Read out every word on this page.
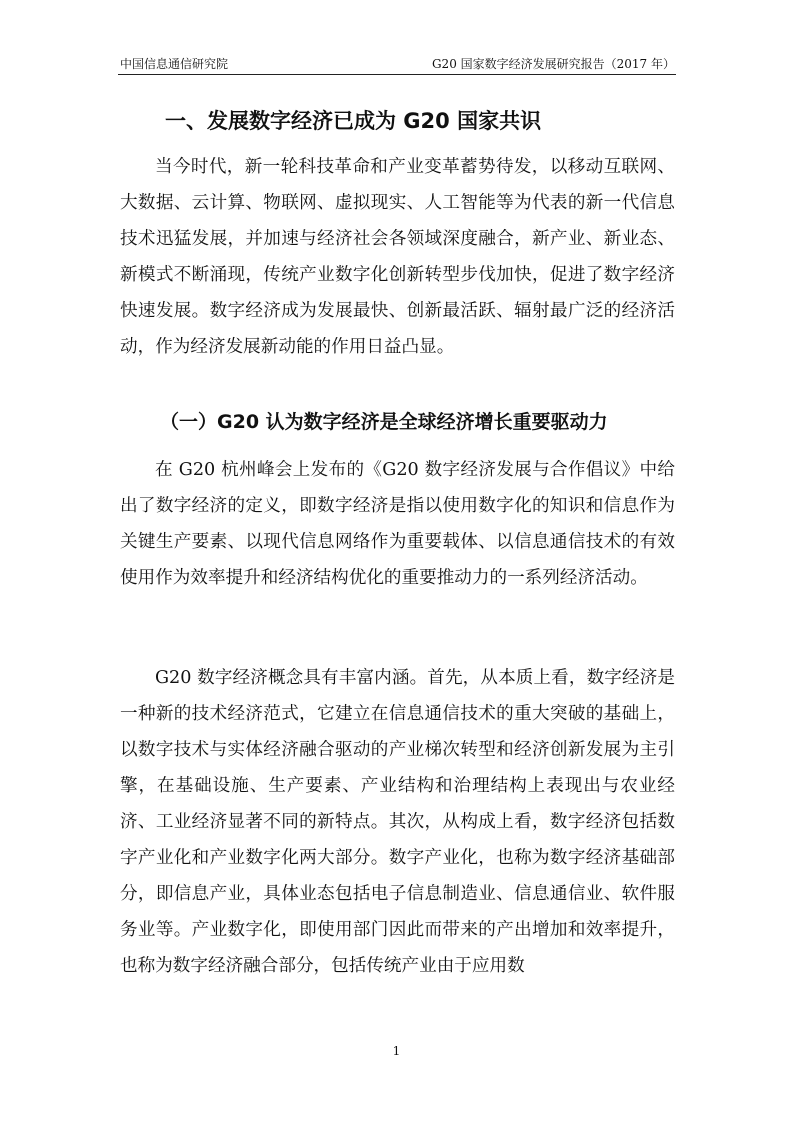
中国信息通信研究院	G20 国家数字经济发展研究报告（2017 年）
一、发展数字经济已成为 G20 国家共识

当今时代，新一轮科技革命和产业变革蓄势待发，以移动互联网、大数据、云计算、物联网、虚拟现实、人工智能等为代表的新一代信息技术迅猛发展，并加速与经济社会各领域深度融合，新产业、新业态、新模式不断涌现，传统产业数字化创新转型步伐加快，促进了数字经济快速发展。数字经济成为发展最快、创新最活跃、辐射最广泛的经济活动，作为经济发展新动能的作用日益凸显。

（一）G20 认为数字经济是全球经济增长重要驱动力

在 G20 杭州峰会上发布的《G20 数字经济发展与合作倡议》中给出了数字经济的定义，即数字经济是指以使用数字化的知识和信息作为关键生产要素、以现代信息网络作为重要载体、以信息通信技术的有效使用作为效率提升和经济结构优化的重要推动力的一系列经济活动。

G20 数字经济概念具有丰富内涵。首先，从本质上看，数字经济是一种新的技术经济范式，它建立在信息通信技术的重大突破的基础上，以数字技术与实体经济融合驱动的产业梯次转型和经济创新发展为主引擎，在基础设施、生产要素、产业结构和治理结构上表现出与农业经济、工业经济显著不同的新特点。其次，从构成上看，数字经济包括数字产业化和产业数字化两大部分。数字产业化，也称为数字经济基础部分，即信息产业，具体业态包括电子信息制造业、信息通信业、软件服务业等。产业数字化，即使用部门因此而带来的产出增加和效率提升，也称为数字经济融合部分，包括传统产业由于应用数

1
